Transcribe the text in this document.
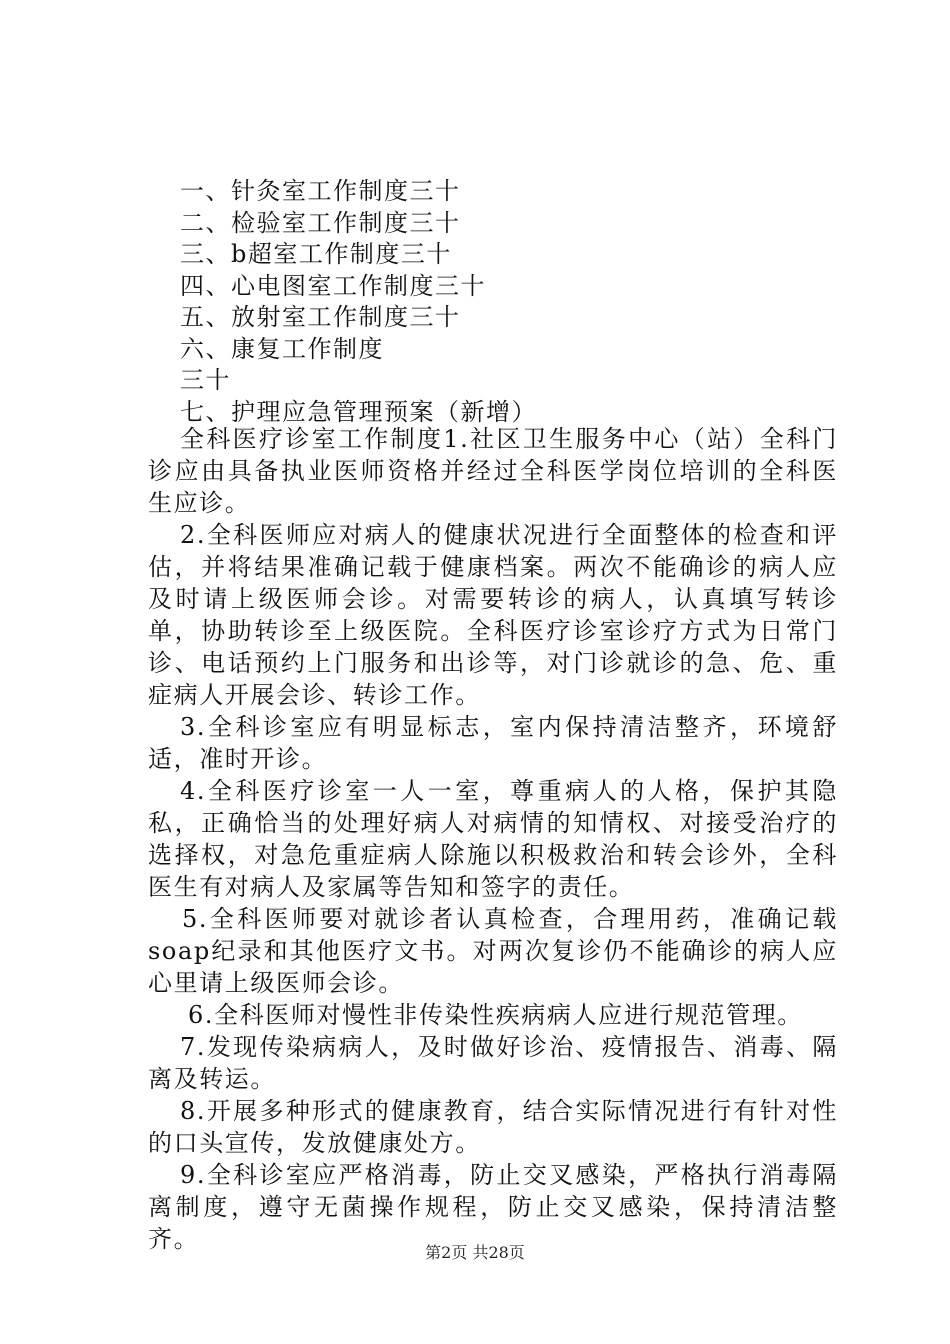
一、针灸室工作制度三十
二、检验室工作制度三十
三、b超室工作制度三十
四、心电图室工作制度三十
五、放射室工作制度三十
六、康复工作制度
三十
七、护理应急管理预案（新增）

全科医疗诊室工作制度1.社区卫生服务中心（站）全科门诊应由具备执业医师资格并经过全科医学岗位培训的全科医生应诊。

2.全科医师应对病人的健康状况进行全面整体的检查和评估，并将结果准确记载于健康档案。两次不能确诊的病人应及时请上级医师会诊。对需要转诊的病人，认真填写转诊单，协助转诊至上级医院。全科医疗诊室诊疗方式为日常门诊、电话预约上门服务和出诊等，对门诊就诊的急、危、重症病人开展会诊、转诊工作。

3.全科诊室应有明显标志，室内保持清洁整齐，环境舒适，准时开诊。

4.全科医疗诊室一人一室，尊重病人的人格，保护其隐私，正确恰当的处理好病人对病情的知情权、对接受治疗的选择权，对急危重症病人除施以积极救治和转会诊外，全科医生有对病人及家属等告知和签字的责任。

5.全科医师要对就诊者认真检查，合理用药，准确记载soap纪录和其他医疗文书。对两次复诊仍不能确诊的病人应心里请上级医师会诊。

6.全科医师对慢性非传染性疾病病人应进行规范管理。

7.发现传染病病人，及时做好诊治、疫情报告、消毒、隔离及转运。

8.开展多种形式的健康教育，结合实际情况进行有针对性的口头宣传，发放健康处方。

9.全科诊室应严格消毒，防止交叉感染，严格执行消毒隔离制度，遵守无菌操作规程，防止交叉感染，保持清洁整齐。	第2页 共28页
